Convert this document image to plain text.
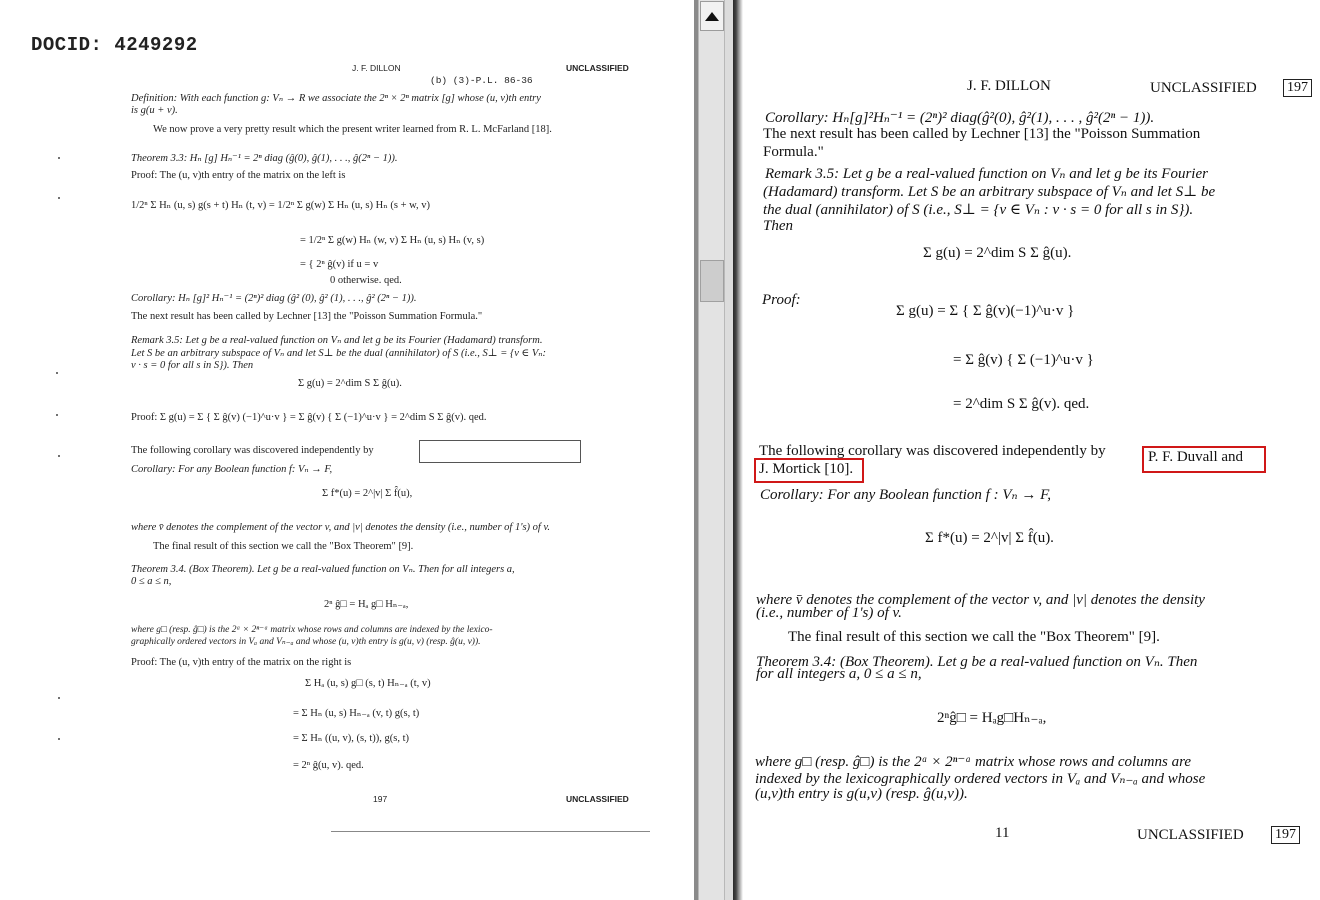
DOCID: 4249292
J. F. DILLON	UNCLASSIFIED
(b) (3)-P.L. 86-36
Definition: With each function g: Vₙ → R we associate the 2ⁿ × 2ⁿ matrix [g] whose (u, v)th entry
is g(u + v).
We now prove a very pretty result which the present writer learned from R. L. McFarland [18].
Theorem 3.3: Hₙ [g] Hₙ⁻¹ = 2ⁿ diag (ĝ(0), ĝ(1), . . ., ĝ(2ⁿ − 1)).
Proof: The (u, v)th entry of the matrix on the left is
1/2ⁿ Σ Hₙ (u, s) g(s + t) Hₙ (t, v) = 1/2ⁿ Σ g(w) Σ Hₙ (u, s) Hₙ (s + w, v)
= 1/2ⁿ Σ g(w) Hₙ (w, v) Σ Hₙ (u, s) Hₙ (v, s)
= { 2ⁿ ĝ(v) if u = v
0 otherwise. qed.
Corollary: Hₙ [g]² Hₙ⁻¹ = (2ⁿ)² diag (ĝ² (0), ĝ² (1), . . ., ĝ² (2ⁿ − 1)).
The next result has been called by Lechner [13] the "Poisson Summation Formula."
Remark 3.5: Let g be a real-valued function on Vₙ and let g be its Fourier (Hadamard) transform.
Let S be an arbitrary subspace of Vₙ and let S⊥ be the dual (annihilator) of S (i.e., S⊥ = {v ∈ Vₙ:
v · s = 0 for all s in S}). Then
Σ g(u) = 2^dim S Σ ĝ(u).
Proof: Σ g(u) = Σ { Σ ĝ(v) (−1)^u·v } = Σ ĝ(v) { Σ (−1)^u·v } = 2^dim S Σ ĝ(v). qed.
The following corollary was discovered independently by
Corollary: For any Boolean function f: Vₙ → F,
Σ f*(u) = 2^|v| Σ f̂(u),
where v̄ denotes the complement of the vector v, and |v| denotes the density (i.e., number of 1's) of v.
The final result of this section we call the "Box Theorem" [9].
Theorem 3.4. (Box Theorem). Let g be a real-valued function on Vₙ. Then for all integers a,
0 ≤ a ≤ n,
2ⁿ ĝ□ = Hₐ g□ Hₙ₋ₐ,
where g□ (resp. ĝ□) is the 2ᵃ × 2ⁿ⁻ᵃ matrix whose rows and columns are indexed by the lexico-
graphically ordered vectors in Vₐ and Vₙ₋ₐ and whose (u, v)th entry is g(u, v) (resp. ĝ(u, v)).
Proof: The (u, v)th entry of the matrix on the right is
Σ Hₐ (u, s) g□ (s, t) Hₙ₋ₐ (t, v)
= Σ Hₙ (u, s) Hₙ₋ₐ (v, t) g(s, t)
= Σ Hₙ ((u, v), (s, t)), g(s, t)
= 2ⁿ ĝ(u, v). qed.
197	UNCLASSIFIED
J. F. DILLON	UNCLASSIFIED 197
Corollary: Hₙ[g]²Hₙ⁻¹ = (2ⁿ)² diag(ĝ²(0), ĝ²(1), . . . , ĝ²(2ⁿ − 1)).
The next result has been called by Lechner [13] the "Poisson Summation
Formula."
Remark 3.5: Let g be a real-valued function on Vₙ and let g be its Fourier
(Hadamard) transform. Let S be an arbitrary subspace of Vₙ and let S⊥ be
the dual (annihilator) of S (i.e., S⊥ = {v ∈ Vₙ : v · s = 0 for all s in S}).
Then
Σ g(u) = 2^dim S Σ ĝ(u).
Proof:
Σ g(u) = Σ { Σ ĝ(v)(−1)^u·v }
= Σ ĝ(v) { Σ (−1)^u·v }
= 2^dim S Σ ĝ(v). qed.
The following corollary was discovered independently by	P. F. Duvall and
J. Mortick [10].
Corollary: For any Boolean function f : Vₙ → F,
Σ f*(u) = 2^|v| Σ f̂(u).
where v̄ denotes the complement of the vector v, and |v| denotes the density
(i.e., number of 1's) of v.
The final result of this section we call the "Box Theorem" [9].
Theorem 3.4: (Box Theorem). Let g be a real-valued function on Vₙ. Then
for all integers a, 0 ≤ a ≤ n,
2ⁿĝ□ = Hₐg□Hₙ₋ₐ,
where g□ (resp. ĝ□) is the 2ᵃ × 2ⁿ⁻ᵃ matrix whose rows and columns are
indexed by the lexicographically ordered vectors in Vₐ and Vₙ₋ₐ and whose
(u,v)th entry is g(u,v) (resp. ĝ(u,v)).
11	UNCLASSIFIED 197
